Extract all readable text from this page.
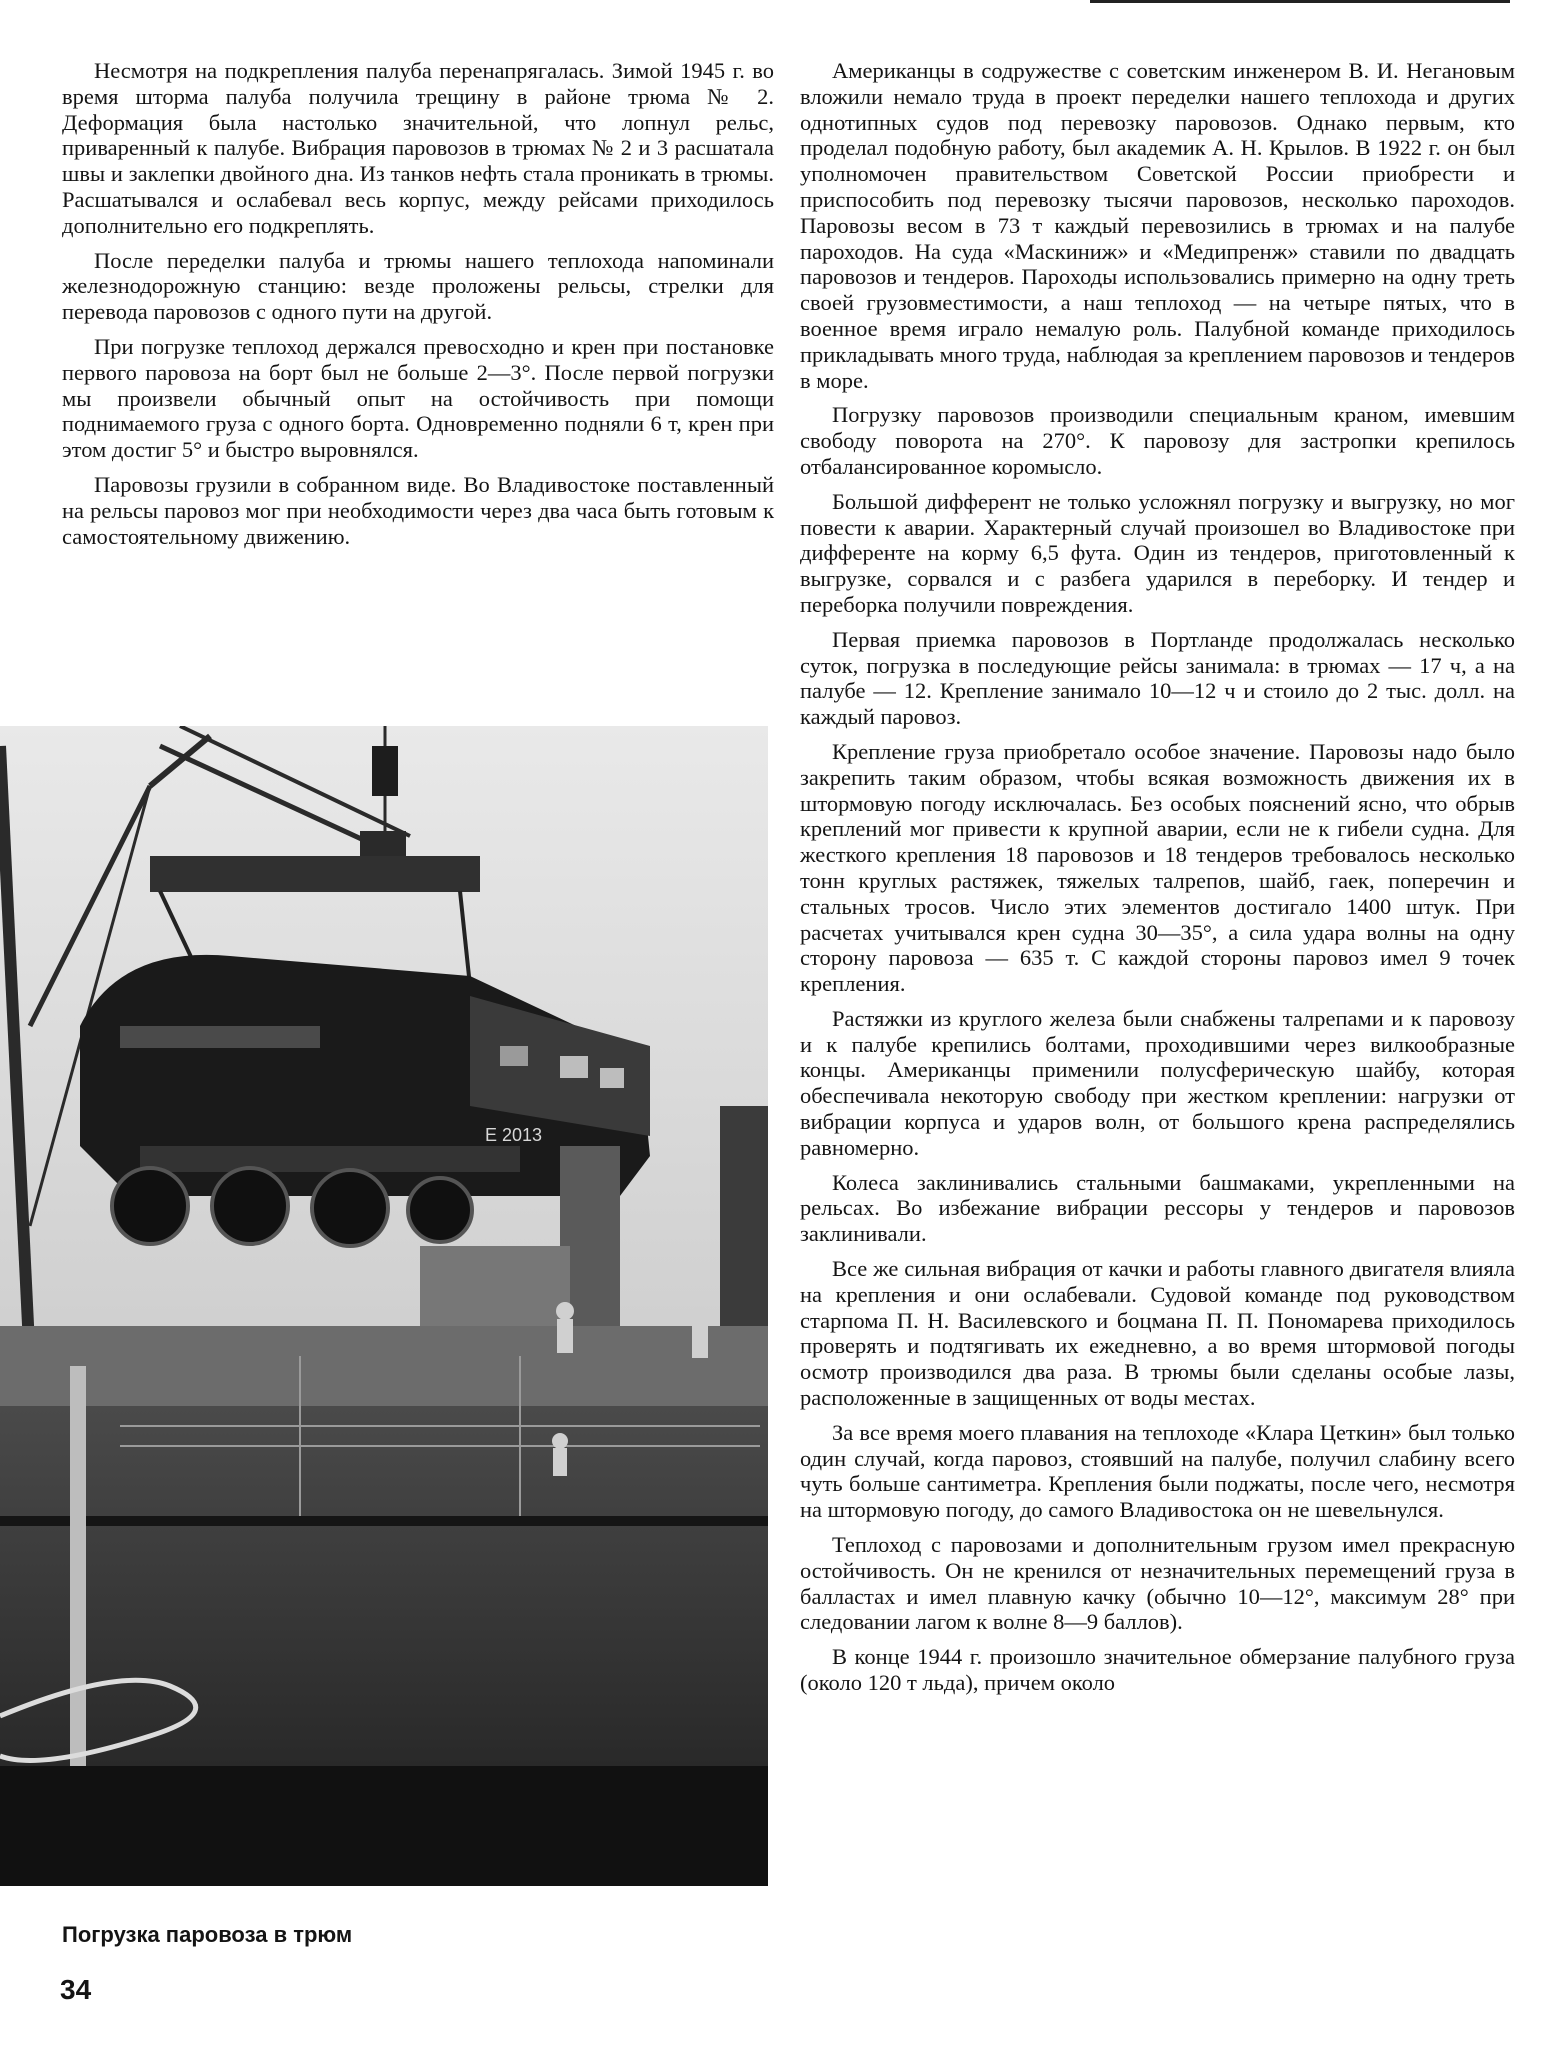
Несмотря на подкрепления палуба перенапрягалась. Зимой 1945 г. во время шторма палуба получила трещину в районе трюма № 2. Деформация была настолько значительной, что лопнул рельс, приваренный к палубе. Вибрация паровозов в трюмах № 2 и 3 расшатала швы и заклепки двойного дна. Из танков нефть стала проникать в трюмы. Расшатывался и ослабевал весь корпус, между рейсами приходилось дополнительно его подкреплять.

После переделки палуба и трюмы нашего теплохода напоминали железнодорожную станцию: везде проложены рельсы, стрелки для перевода паровозов с одного пути на другой.

При погрузке теплоход держался превосходно и крен при постановке первого паровоза на борт был не больше 2—3°. После первой погрузки мы произвели обычный опыт на остойчивость при помощи поднимаемого груза с одного борта. Одновременно подняли 6 т, крен при этом достиг 5° и быстро выровнялся.

Паровозы грузили в собранном виде. Во Владивостоке поставленный на рельсы паровоз мог при необходимости через два часа быть готовым к самостоятельному движению.

Американцы в содружестве с советским инженером В. И. Негановым вложили немало труда в проект переделки нашего теплохода и других однотипных судов под перевозку паровозов. Однако первым, кто проделал подобную работу, был академик А. Н. Крылов. В 1922 г. он был уполномочен правительством Советской России приобрести и приспособить под перевозку тысячи паровозов, несколько пароходов. Паровозы весом в 73 т каждый перевозились в трюмах и на палубе пароходов. На суда «Маскиниж» и «Медипренж» ставили по двадцать паровозов и тендеров. Пароходы использовались примерно на одну треть своей грузовместимости, а наш теплоход — на четыре пятых, что в военное время играло немалую роль. Палубной команде приходилось прикладывать много труда, наблюдая за креплением паровозов и тендеров в море.

Погрузку паровозов производили специальным краном, имевшим свободу поворота на 270°. К паровозу для застропки крепилось отбалансированное коромысло.

Большой дифферент не только усложнял погрузку и выгрузку, но мог повести к аварии. Характерный случай произошел во Владивостоке при дифференте на корму 6,5 фута. Один из тендеров, приготовленный к выгрузке, сорвался и с разбега ударился в переборку. И тендер и переборка получили повреждения.

Первая приемка паровозов в Портланде продолжалась несколько суток, погрузка в последующие рейсы занимала: в трюмах — 17 ч, а на палубе — 12. Крепление занимало 10—12 ч и стоило до 2 тыс. долл. на каждый паровоз.

Крепление груза приобретало особое значение. Паровозы надо было закрепить таким образом, чтобы всякая возможность движения их в штормовую погоду исключалась. Без особых пояснений ясно, что обрыв креплений мог привести к крупной аварии, если не к гибели судна. Для жесткого крепления 18 паровозов и 18 тендеров требовалось несколько тонн круглых растяжек, тяжелых талрепов, шайб, гаек, поперечин и стальных тросов. Число этих элементов достигало 1400 штук. При расчетах учитывался крен судна 30—35°, а сила удара волны на одну сторону паровоза — 635 т. С каждой стороны паровоз имел 9 точек крепления.

Растяжки из круглого железа были снабжены талрепами и к паровозу и к палубе крепились болтами, проходившими через вилкообразные концы. Американцы применили полусферическую шайбу, которая обеспечивала некоторую свободу при жестком креплении: нагрузки от вибрации корпуса и ударов волн, от большого крена распределялись равномерно.

Колеса заклинивались стальными башмаками, укрепленными на рельсах. Во избежание вибрации рессоры у тендеров и паровозов заклинивали.

Все же сильная вибрация от качки и работы главного двигателя влияла на крепления и они ослабевали. Судовой команде под руководством старпома П. Н. Василевского и боцмана П. П. Пономарева приходилось проверять и подтягивать их ежедневно, а во время штормовой погоды осмотр производился два раза. В трюмы были сделаны особые лазы, расположенные в защищенных от воды местах.

За все время моего плавания на теплоходе «Клара Цеткин» был только один случай, когда паровоз, стоявший на палубе, получил слабину всего чуть больше сантиметра. Крепления были поджаты, после чего, несмотря на штормовую погоду, до самого Владивостока он не шевельнулся.

Теплоход с паровозами и дополнительным грузом имел прекрасную остойчивость. Он не кренился от незначительных перемещений груза в балластах и имел плавную качку (обычно 10—12°, максимум 28° при следовании лагом к волне 8—9 баллов).

В конце 1944 г. произошло значительное обмерзание палубного груза (около 120 т льда), причем около

Е 2013
Погрузка паровоза в трюм
34
